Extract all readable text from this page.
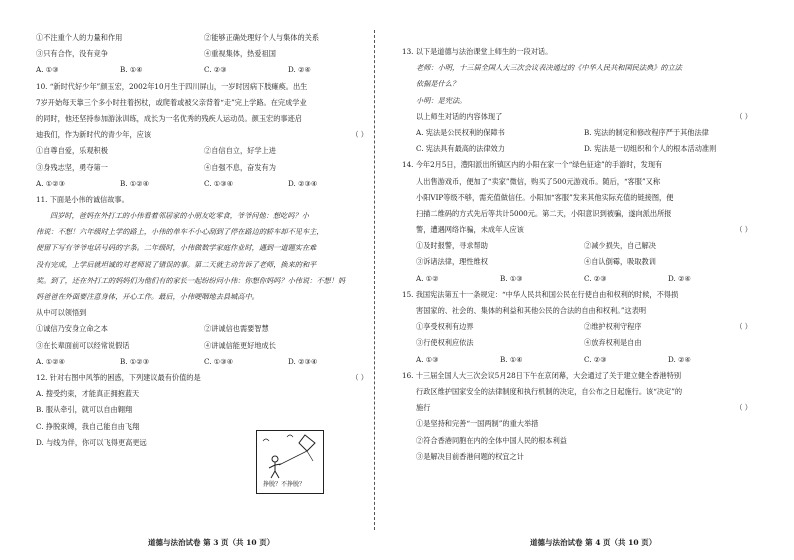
①不注重个人的力量和作用	②能够正确处理好个人与集体的关系
③只有合作，没有竞争	④重视集体，热爱祖国
A. ①③	B. ①④	C. ②③	D. ②④
10. “新时代好少年”颜玉宏，2002年10月生于四川屏山，一岁时因病下肢瘫痪。出生
7岁开始每天靠三个多小时拄着拐杖，或爬着或被父亲背着“走”完上学路。在完成学业
的同时，他还坚持参加游泳训练，成长为一名优秀的残疾人运动员。颜玉宏的事迹启
迪我们，作为新时代的青少年，应该	（ ）
①自尊自爱，乐观积极	②自信自立，好学上进
③身残志坚，勇夺第一	④自强不息，奋发有为
A. ①②③	B. ①②④	C. ①③④	D. ②③④
11. 下面是小伟的诚信故事。
四岁时，爸妈在外打工的小伟看着邻居家的小朋友吃零食，爷爷问他：想吃吗？小
伟说：不想！六年级时上学的路上，小伟的单车不小心刮到了停在路边的轿车却不见车主，
便留下写有爷爷电话号码的字条。二年级时，小伟做数学家庭作业时，遇到一道题实在难
没有完成，上学后就坦诚的对老师说了错误的事。第二天就主动告诉了老师，换来的和平
奖。到了，还在外打工的妈妈们为他们有的家长一起纷纷问小伟：你想你妈吗？小伟说：不想！妈
妈爸爸在外面要注意身体，开心工作。最后，小伟哽咽地去县城高中。
从中可以领悟到
①诚信乃安身立命之本	②讲诚信也需要智慧
③在长辈面前可以经常说假话	④讲诚信能更好地成长
A. ①②④	B. ①②③	C. ①③④	D. ②③④
12. 针对右图中风筝的困惑，下列建议最有价值的是	（ ）
A. 搜受约束，才能真正拥抱蓝天
B. 服从牵引，就可以自由翱翔
C. 挣脱束缚，我自己能自由飞翔
D. 与线为伴，你可以飞得更高更远
挣脱？不挣脱？
道德与法治试卷 第 3 页（共 10 页）
13. 以下是道德与法治课堂上师生的一段对话。
老师：小明，十三届全国人大三次会议表决通过的《中华人民共和国民法典》的立法
依据是什么？
小明：是宪法。
以上师生对话的内容体现了	（ ）
A. 宪法是公民权利的保障书	B. 宪法的制定和修改程序严于其他法律
C. 宪法具有最高的法律效力	D. 宪法是一切组织和个人的根本活动准则
14. 今年2月5日，澧阳派出所镇区内的小阳在家一个“绿色征途”的手游时，发现有
人出售游戏币，便加了“卖家”微信，购买了500元游戏币。随后，“客服”又称
小阳VIP等级不够，需充值做信任。小阳加“客服”发来其他实际充值的链接图，便
扫描二维码的方式先后等共计5000元。第二天，小阳意识到被骗，遂向派出所报
警，遭遇网络诈骗，未成年人应该	（ ）
①及时报警，寻求帮助	②减少损失，自己解决
③诉诸法律，理性维权	④自认倒霉，吸取教训
A. ①②	B. ①③	C. ②③	D. ②④
15. 我国宪法第五十一条规定：“中华人民共和国公民在行使自由和权利的时候，不得损
害国家的、社会的、集体的利益和其他公民的合法的自由和权利。”这表明
（ ）
①享受权利有边界	②维护权利守程序
③行使权利应依法	④放弃权利是自由
A. ①③	B. ①④	C. ②③	D. ②④
16. 十三届全国人大三次会议5月28日下午在京闭幕，大会通过了关于建立健全香港特别
行政区维护国家安全的法律制度和执行机制的决定，自公布之日起施行。该“决定”的
施行	（ ）
①是坚持和完善“一国两制”的重大举措
②符合香港同胞在内的全体中国人民的根本利益
③是解决目前香港问题的权宜之计
道德与法治试卷 第 4 页（共 10 页）
